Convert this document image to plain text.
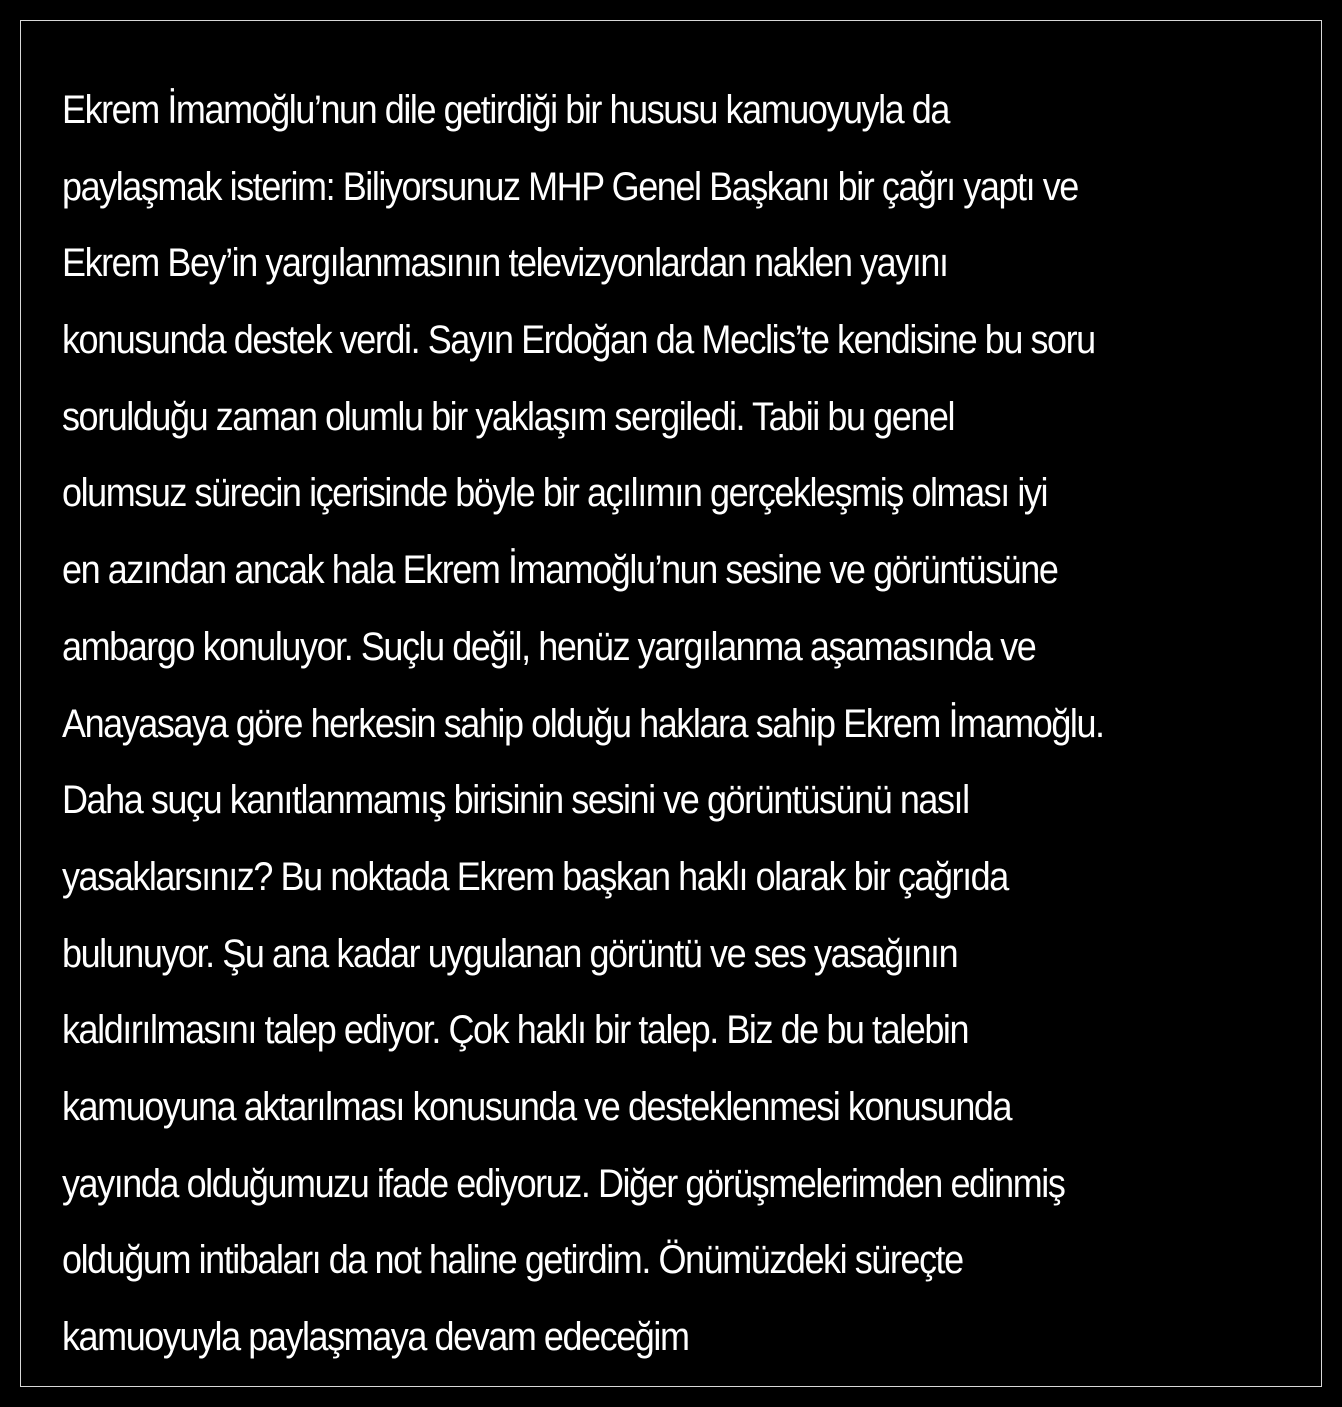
Ekrem İmamoğlu’nun dile getirdiği bir hususu kamuoyuyla da
paylaşmak isterim: Biliyorsunuz MHP Genel Başkanı bir çağrı yaptı ve
Ekrem Bey’in yargılanmasının televizyonlardan naklen yayını
konusunda destek verdi. Sayın Erdoğan da Meclis’te kendisine bu soru
sorulduğu zaman olumlu bir yaklaşım sergiledi. Tabii bu genel
olumsuz sürecin içerisinde böyle bir açılımın gerçekleşmiş olması iyi
en azından ancak hala Ekrem İmamoğlu’nun sesine ve görüntüsüne
ambargo konuluyor. Suçlu değil, henüz yargılanma aşamasında ve
Anayasaya göre herkesin sahip olduğu haklara sahip Ekrem İmamoğlu.
Daha suçu kanıtlanmamış birisinin sesini ve görüntüsünü nasıl
yasaklarsınız? Bu noktada Ekrem başkan haklı olarak bir çağrıda
bulunuyor. Şu ana kadar uygulanan görüntü ve ses yasağının
kaldırılmasını talep ediyor. Çok haklı bir talep. Biz de bu talebin
kamuoyuna aktarılması konusunda ve desteklenmesi konusunda
yayında olduğumuzu ifade ediyoruz. Diğer görüşmelerimden edinmiş
olduğum intibaları da not haline getirdim. Önümüzdeki süreçte
kamuoyuyla paylaşmaya devam edeceğim
